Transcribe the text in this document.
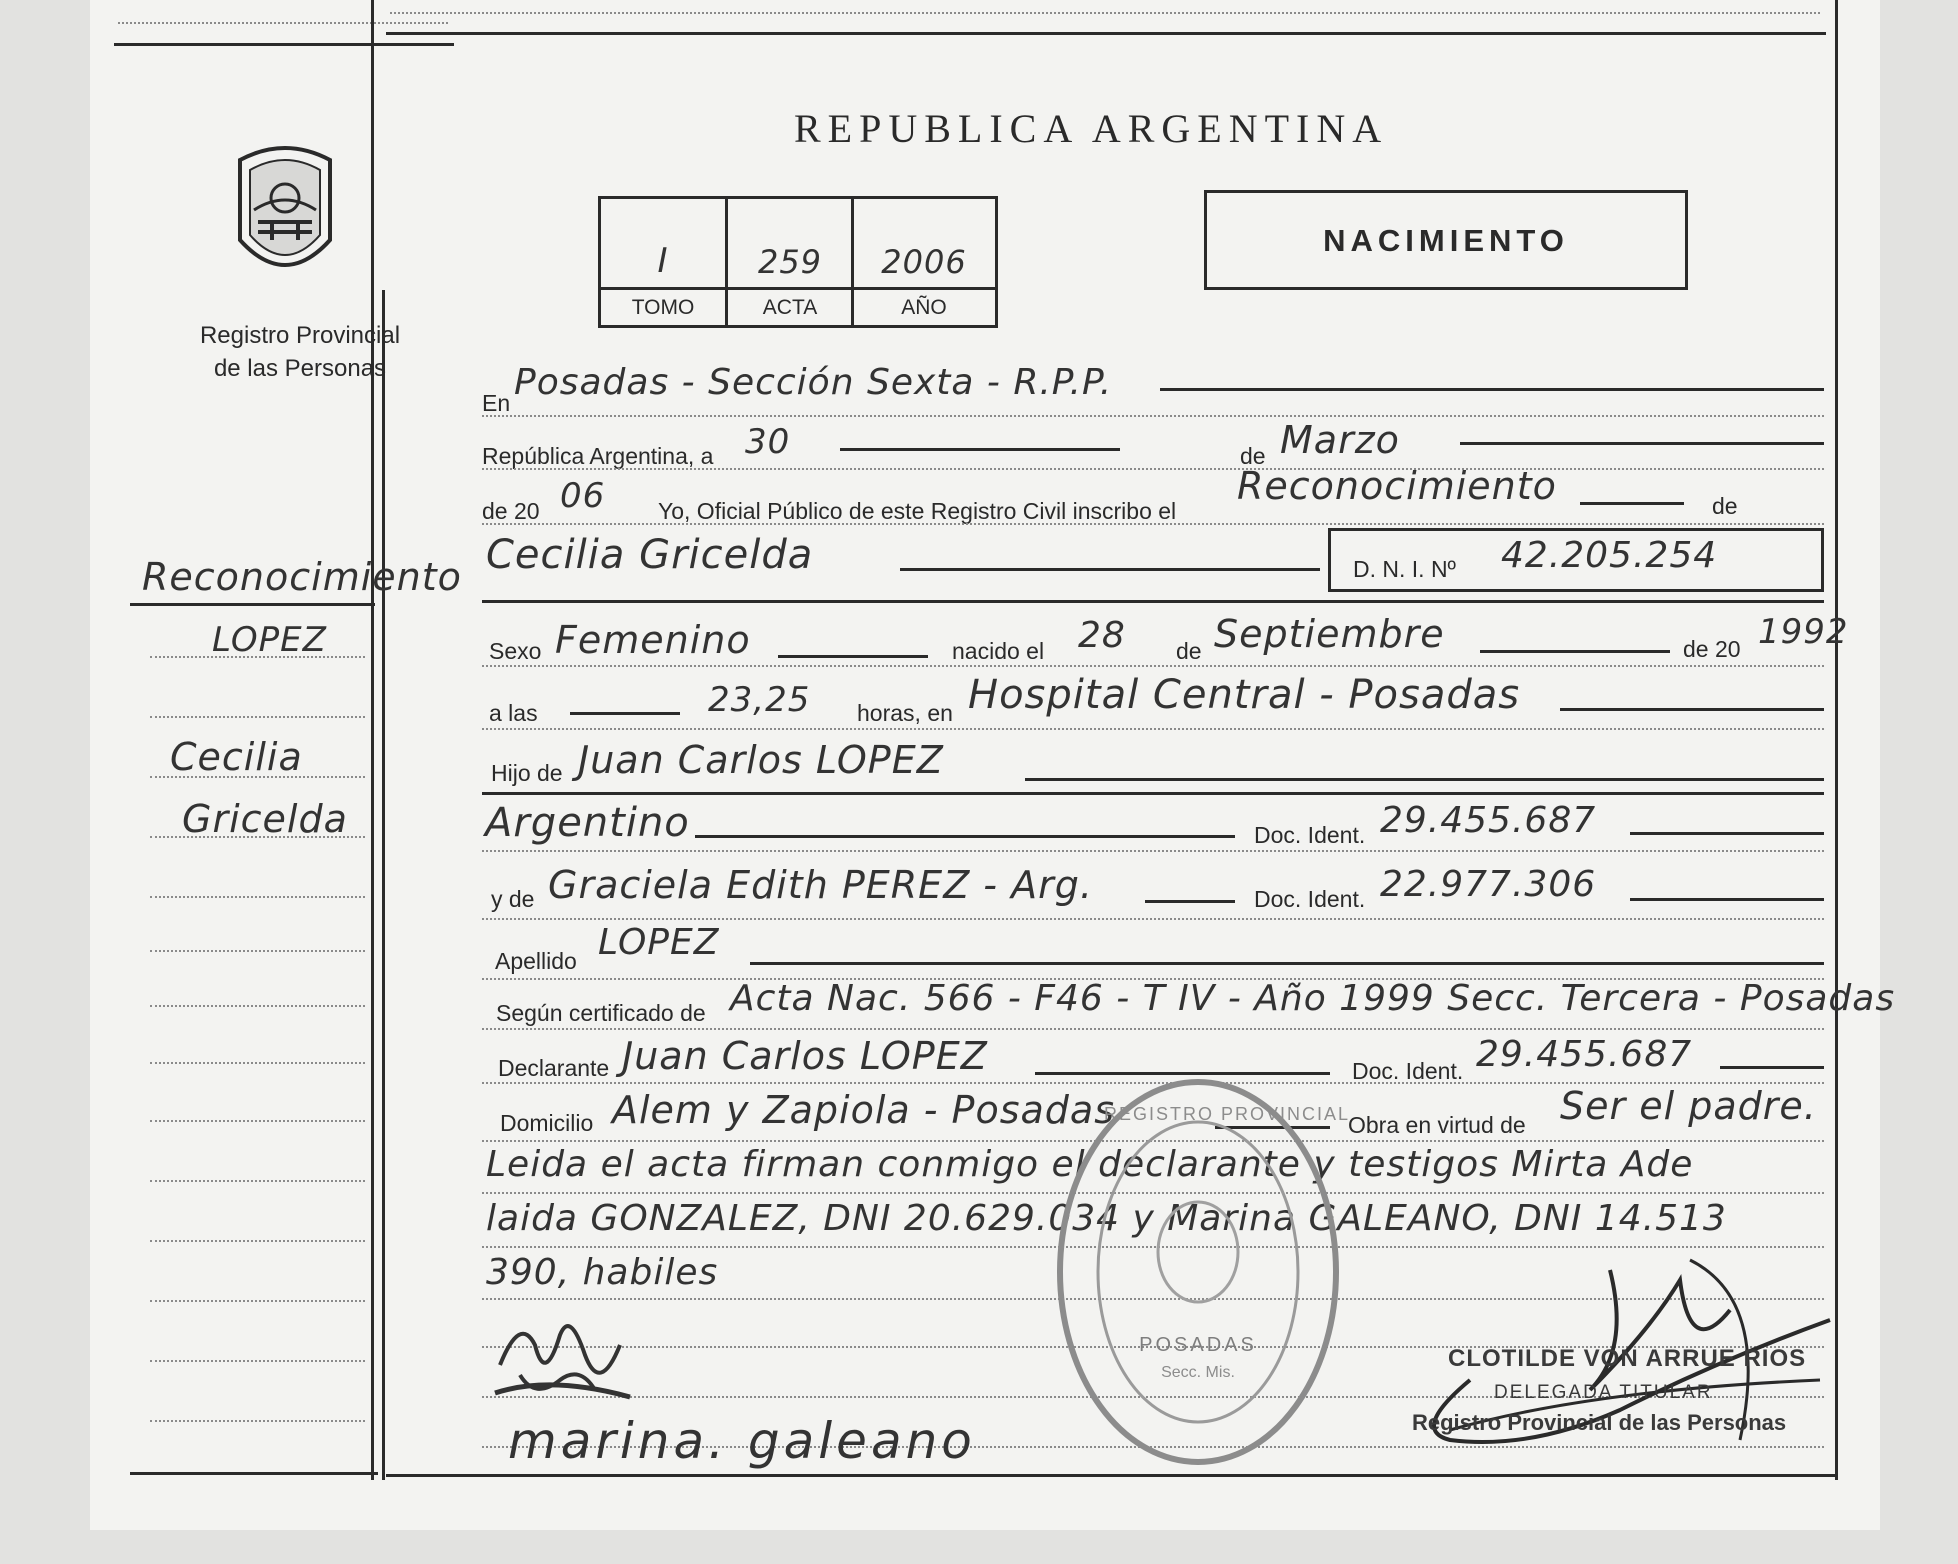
Registro Provincial
de las Personas
REPUBLICA ARGENTINA
I	259	2006
TOMO	ACTA	AÑO
NACIMIENTO
Reconocimiento
LOPEZ
Cecilia
Gricelda
En Posadas - Sección Sexta - R.P.P.
República Argentina, a 30	de Marzo
de 20 06 Yo, Oficial Público de este Registro Civil inscribo el
Reconocimiento	de
Cecilia Gricelda	D. N. I. Nº 42.205.254
Sexo Femenino	nacido el 28 de Septiembre	de 20 1992
a las	23,25 horas, en Hospital Central - Posadas
Hijo de Juan Carlos LOPEZ
Argentino	Doc. Ident. 29.455.687
y de Graciela Edith PEREZ - Arg.	Doc. Ident. 22.977.306
Apellido LOPEZ
Según certificado de Acta Nac. 566 - F46 - T IV - Año 1999 Secc. Tercera - Posadas
Declarante Juan Carlos LOPEZ	Doc. Ident. 29.455.687
Domicilio Alem y Zapiola - Posadas	Obra en virtud de Ser el padre.
Leida el acta firman conmigo el declarante y testigos Mirta Ade
laida GONZALEZ, DNI 20.629.034 y Marina GALEANO, DNI 14.513
390, habiles
marina. galeano
REGISTRO PROVINCIAL
POSADAS
Secc. Mis.
CLOTILDE VON ARRUE RIOS
DELEGADA TITULAR
Registro Provincial de las Personas
